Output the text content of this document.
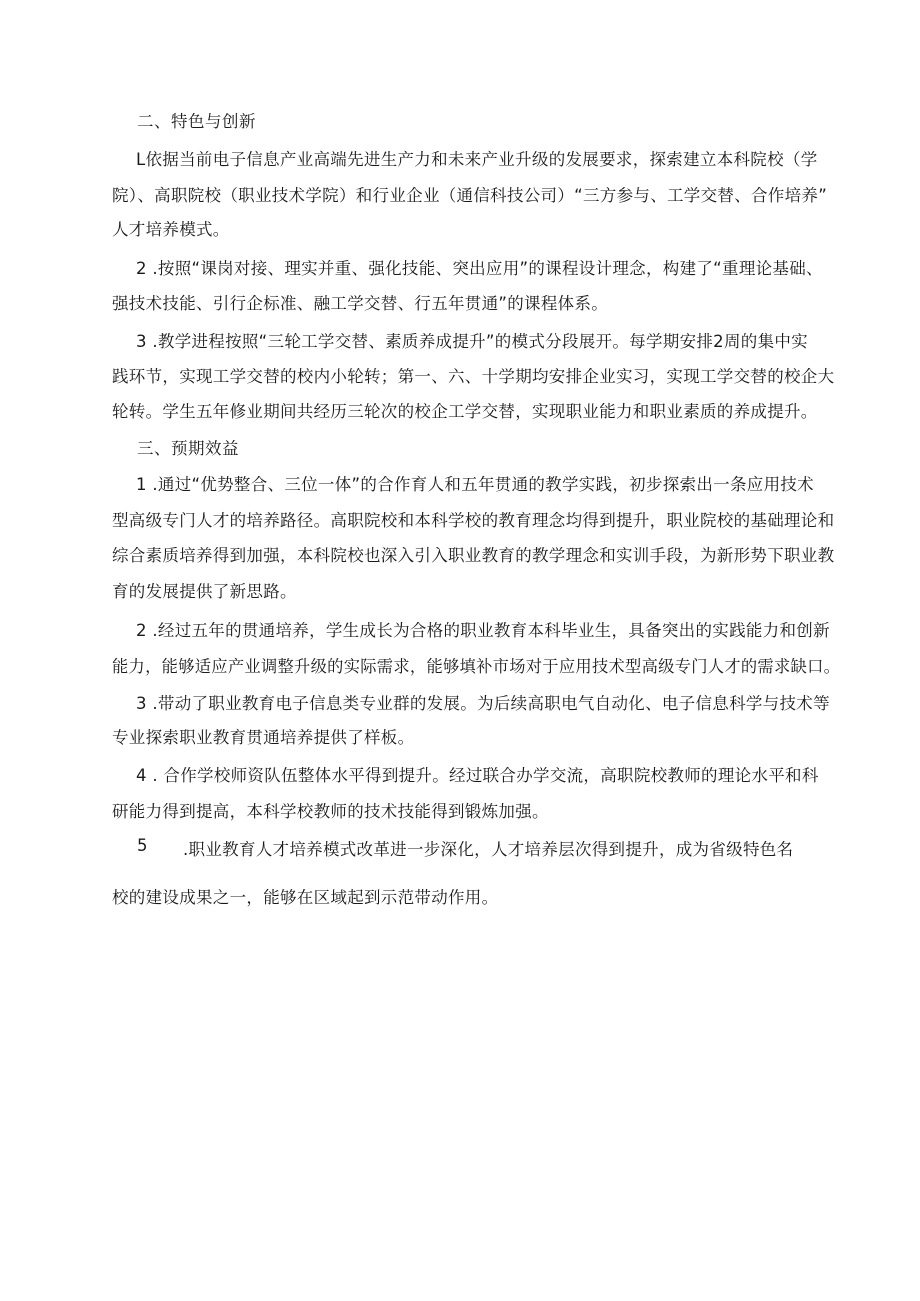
二、特色与创新
L依据当前电子信息产业高端先进生产力和未来产业升级的发展要求，探索建立本科院校（学
院）、高职院校（职业技术学院）和行业企业（通信科技公司）“三方参与、工学交替、合作培养”
人才培养模式。
2 .按照“课岗对接、理实并重、强化技能、突出应用”的课程设计理念，构建了“重理论基础、
强技术技能、引行企标准、融工学交替、行五年贯通”的课程体系。
3 .教学进程按照“三轮工学交替、素质养成提升”的模式分段展开。每学期安排2周的集中实
践环节，实现工学交替的校内小轮转；第一、六、十学期均安排企业实习，实现工学交替的校企大
轮转。学生五年修业期间共经历三轮次的校企工学交替，实现职业能力和职业素质的养成提升。
三、预期效益
1 .通过“优势整合、三位一体”的合作育人和五年贯通的教学实践，初步探索出一条应用技术
型高级专门人才的培养路径。高职院校和本科学校的教育理念均得到提升，职业院校的基础理论和
综合素质培养得到加强，本科院校也深入引入职业教育的教学理念和实训手段，为新形势下职业教
育的发展提供了新思路。
2 .经过五年的贯通培养，学生成长为合格的职业教育本科毕业生，具备突出的实践能力和创新
能力，能够适应产业调整升级的实际需求，能够填补市场对于应用技术型高级专门人才的需求缺口。
3 .带动了职业教育电子信息类专业群的发展。为后续高职电气自动化、电子信息科学与技术等
专业探索职业教育贯通培养提供了样板。
4 . 合作学校师资队伍整体水平得到提升。经过联合办学交流，高职院校教师的理论水平和科
研能力得到提高，本科学校教师的技术技能得到锻炼加强。
5 .职业教育人才培养模式改革进一步深化，人才培养层次得到提升，成为省级特色名
校的建设成果之一，能够在区域起到示范带动作用。
